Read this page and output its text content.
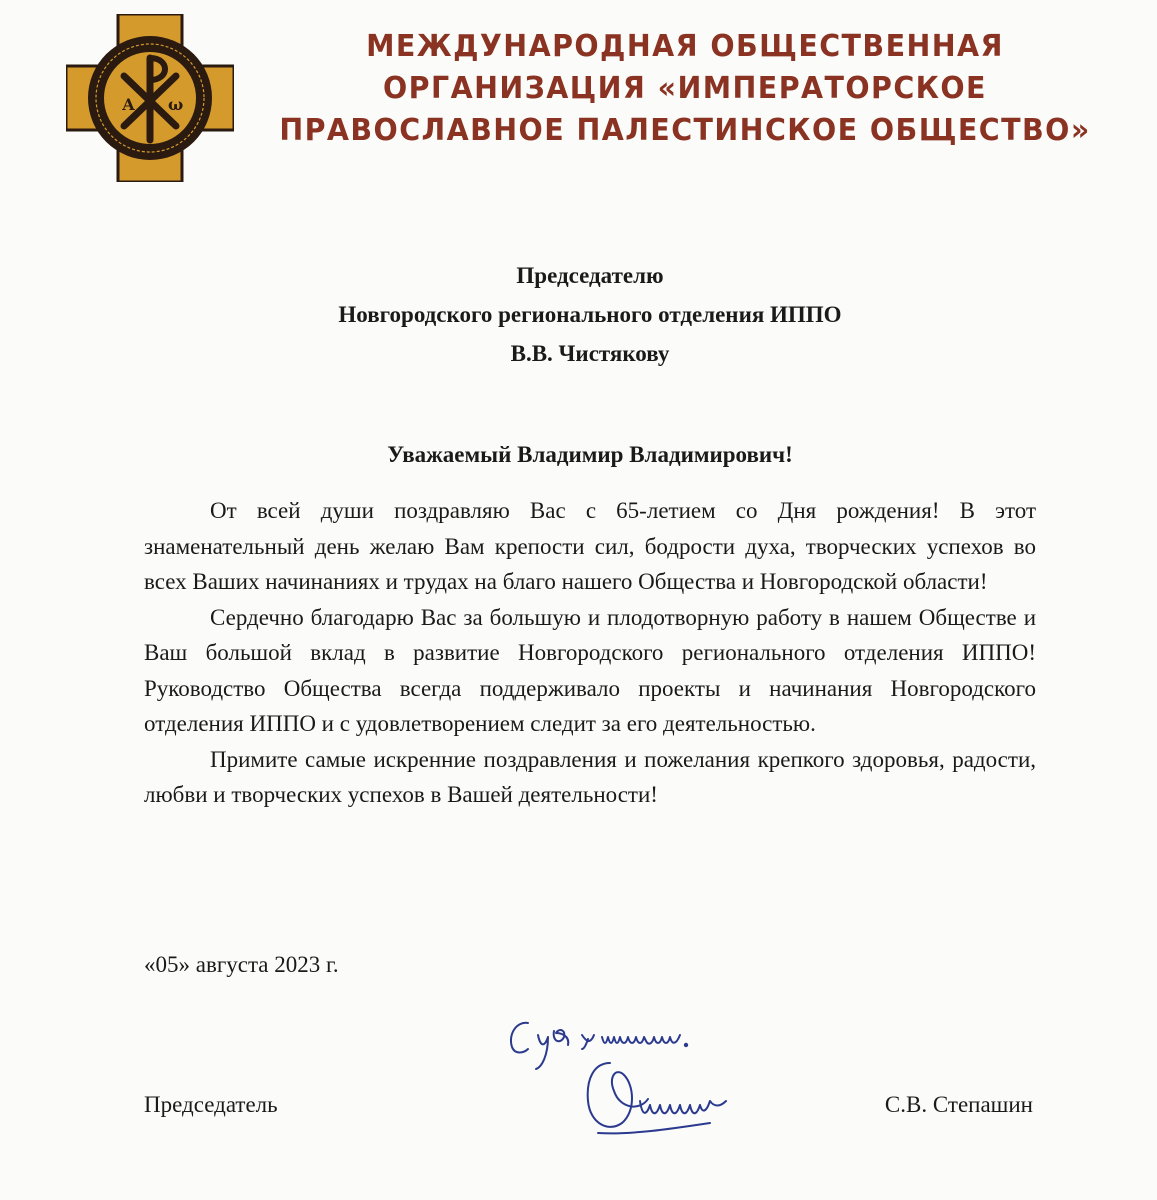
А ω
МЕЖДУНАРОДНАЯ ОБЩЕСТВЕННАЯ
ОРГАНИЗАЦИЯ «ИМПЕРАТОРСКОЕ
ПРАВОСЛАВНОЕ ПАЛЕСТИНСКОЕ ОБЩЕСТВО»
Председателю
Новгородского регионального отделения ИППО
В.В. Чистякову
Уважаемый Владимир Владимирович!

От всей души поздравляю Вас с 65-летием со Дня рождения! В этот знаменательный день желаю Вам крепости сил, бодрости духа, творческих успехов во всех Ваших начинаниях и трудах на благо нашего Общества и Новгородской области!

Сердечно благодарю Вас за большую и плодотворную работу в нашем Обществе и Ваш большой вклад в развитие Новгородского регионального отделения ИППО! Руководство Общества всегда поддерживало проекты и начинания Новгородского отделения ИППО и с удовлетворением следит за его деятельностью.

Примите самые искренние поздравления и пожелания крепкого здоровья, радости, любви и творческих успехов в Вашей деятельности!

«05» августа 2023 г.
Председатель	С.В. Степашин
